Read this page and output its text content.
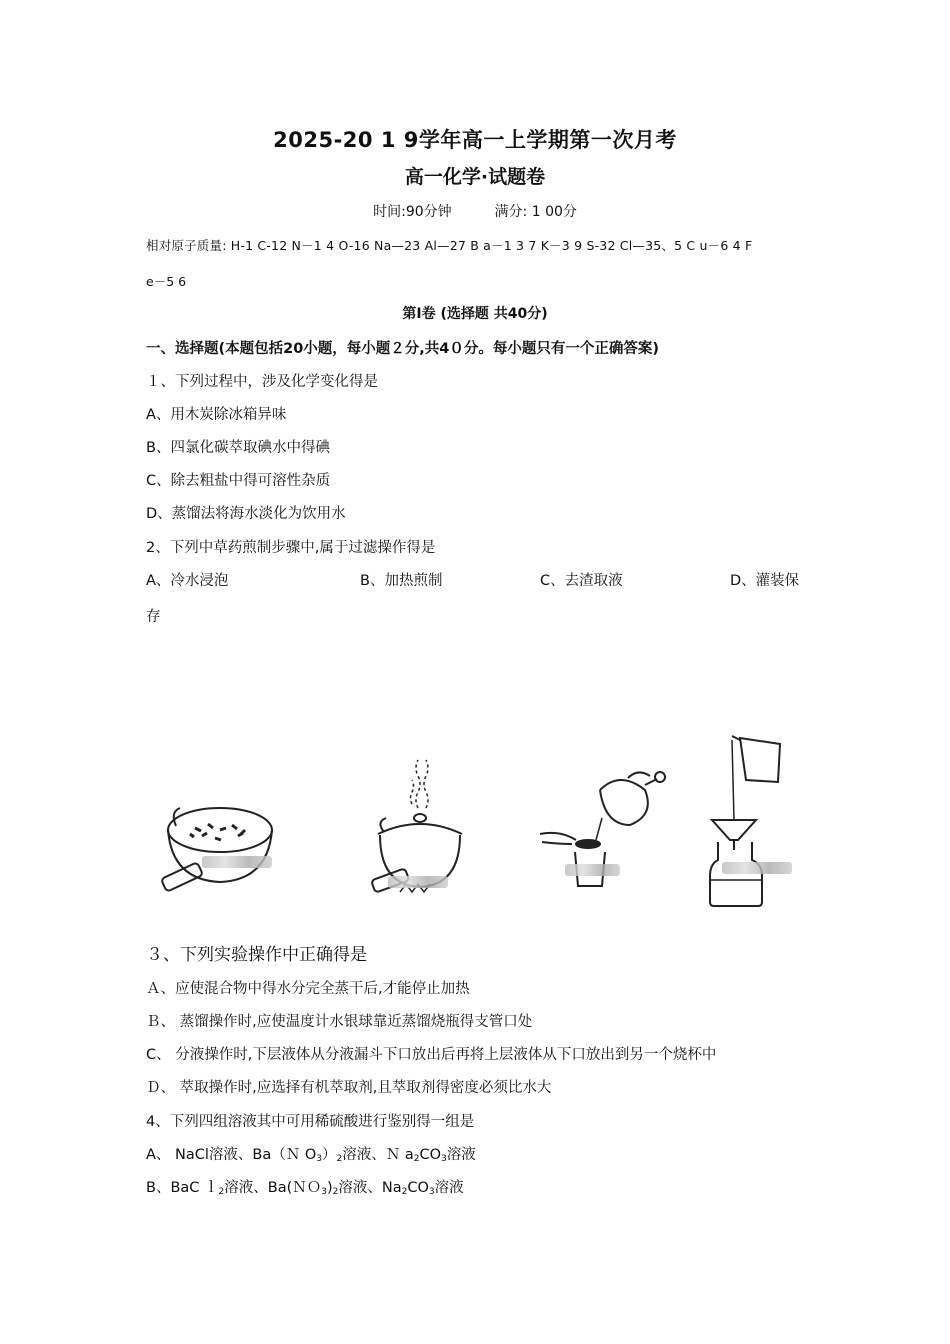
2025-20 1 9学年高一上学期第一次月考
高一化学·试题卷
时间:90分钟	满分: 1 00分
相对原子质量: H-1 C-12 N－1 4 O-16 Na—23 Al—27 B a－1 3 7 K－3 9 S-32 Cl—35、5 C u－6 4 F
e－5 6
第Ⅰ卷 (选择题 共40分)
一、选择题(本题包括20小题，每小题２分,共4０分。每小题只有一个正确答案)
１、下列过程中，涉及化学变化得是
A、用木炭除冰箱异味
B、四氯化碳萃取碘水中得碘
C、除去粗盐中得可溶性杂质
D、蒸馏法将海水淡化为饮用水
2、下列中草药煎制步骤中,属于过滤操作得是
A、冷水浸泡	B、加热煎制	C、去渣取液	D、灌装保
存
３、下列实验操作中正确得是
Ａ、应使混合物中得水分完全蒸干后,才能停止加热
Ｂ、 蒸馏操作时,应使温度计水银球靠近蒸馏烧瓶得支管口处
C、 分液操作时,下层液体从分液漏斗下口放出后再将上层液体从下口放出到另一个烧杯中
Ｄ、 萃取操作时,应选择有机萃取剂,且萃取剂得密度必须比水大
4、下列四组溶液其中可用稀硫酸进行鉴别得一组是
A、 NaCl溶液、Ba（Ｎ $O_3)_2$溶液、Ｎ $a_2CO_3$溶液
B、BaC ｌ$_2$溶液、$Ba(NO_3)_2$溶液、$Na_2CO_3$溶液
